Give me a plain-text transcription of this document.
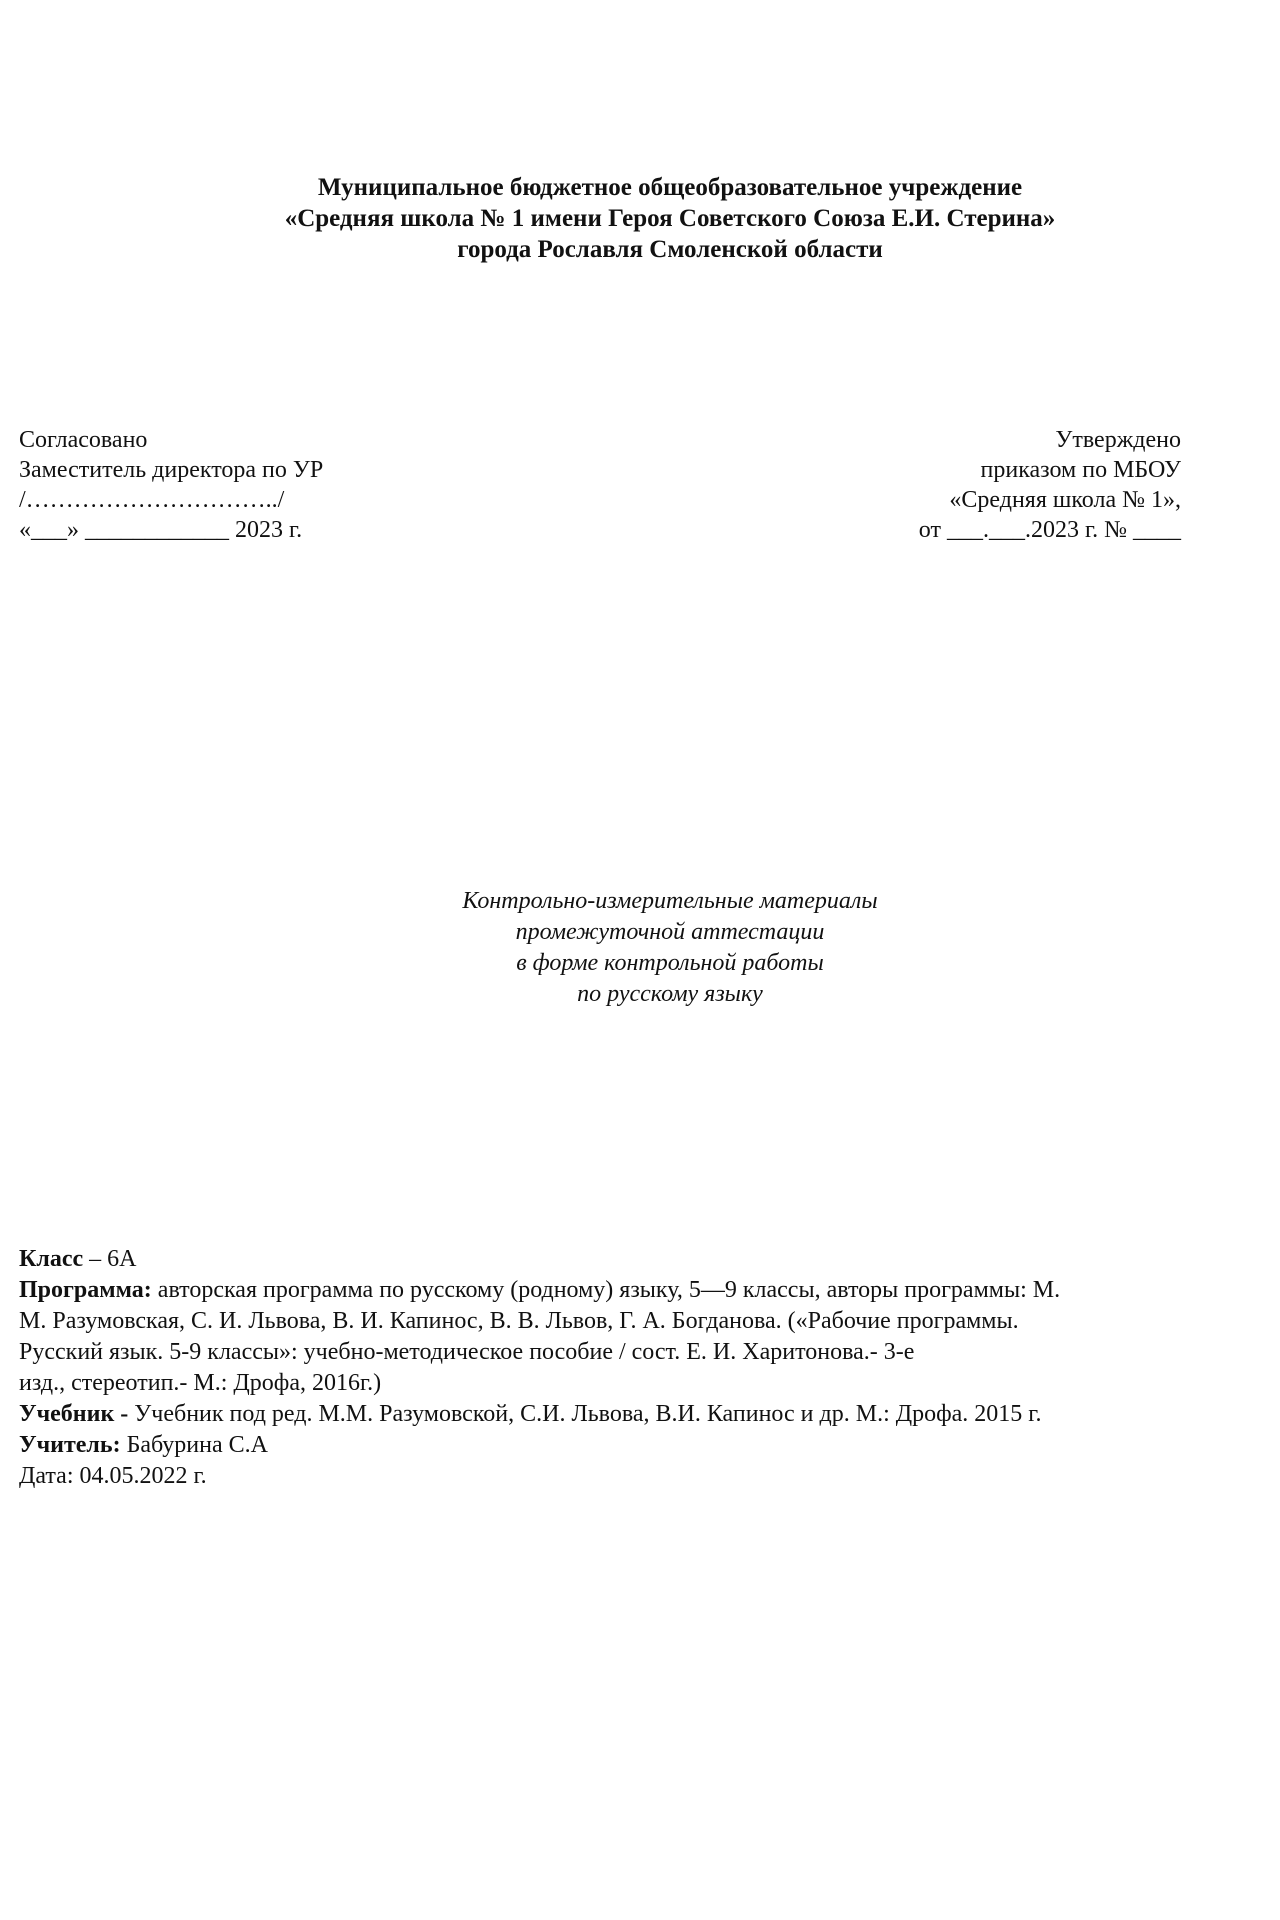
Муниципальное бюджетное общеобразовательное учреждение
«Средняя школа № 1 имени Героя Советского Союза Е.И. Стерина»
города Рославля Смоленской области
Согласовано
Заместитель директора по УР
/…………………………../
«___» ____________ 2023 г.
Утверждено
приказом по МБОУ
«Средняя школа № 1»,
от ___.___.2023 г. № ____
Контрольно-измерительные материалы
промежуточной аттестации
в форме контрольной работы
по русскому языку
Класс – 6А
Программа: авторская программа по русскому (родному) языку, 5—9 классы, авторы программы: М.
М. Разумовская, С. И. Львова, В. И. Капинос, В. В. Львов, Г. А. Богданова. («Рабочие программы.
Русский язык. 5-9 классы»: учебно-методическое пособие / сост. Е. И. Харитонова.- 3-е
изд., стереотип.- М.: Дрофа, 2016г.)
Учебник - Учебник под ред. М.М. Разумовской, С.И. Львова, В.И. Капинос и др. М.: Дрофа. 2015 г.
Учитель: Бабурина С.А
Дата: 04.05.2022 г.
